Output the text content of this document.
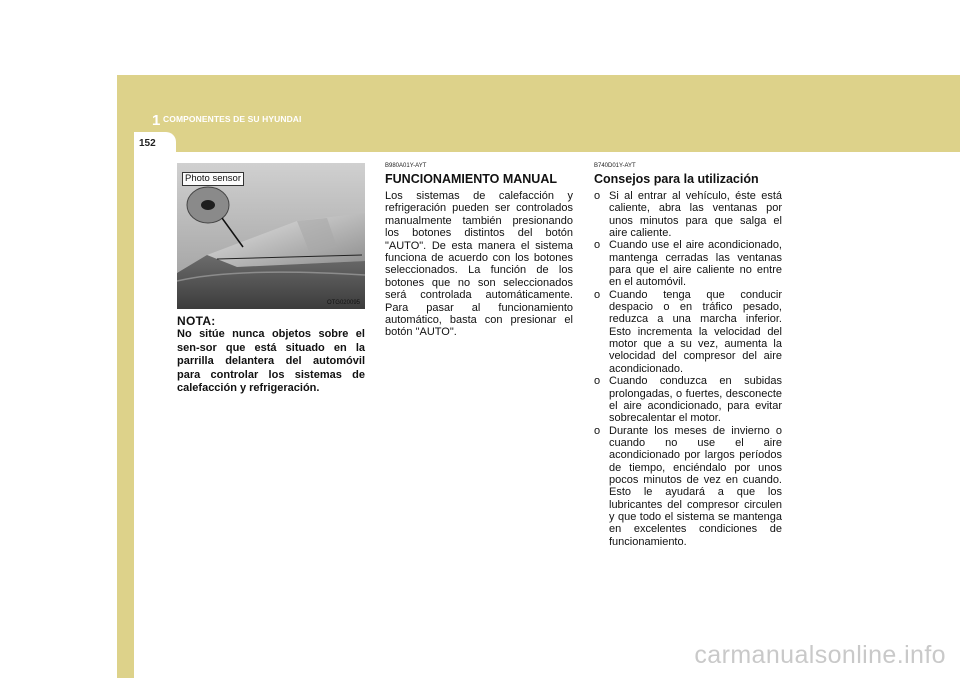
1 COMPONENTES DE SU HYUNDAI
152
Photo sensor
OTG020095
NOTA:
No sitúe nunca objetos sobre el sen-sor que está situado en la parrilla delantera del automóvil para controlar los sistemas de calefacción y refrigeración.
B980A01Y-AYT
FUNCIONAMIENTO MANUAL
Los sistemas de calefacción y refrigeración pueden ser controlados manualmente también presionando los botones distintos del botón "AUTO". De esta manera el sistema funciona de acuerdo con los botones seleccionados. La función de los botones que no son seleccionados será controlada automáticamente. Para pasar al funcionamiento automático, basta con presionar el botón "AUTO".
B740D01Y-AYT
Consejos para la utilización
o Si al entrar al vehículo, éste está caliente, abra las ventanas por unos minutos para que salga el aire caliente.
o Cuando use el aire acondicionado, mantenga cerradas las ventanas para que el aire caliente no entre en el automóvil.
o Cuando tenga que conducir despacio o en tráfico pesado, reduzca a una marcha inferior. Esto incrementa la velocidad del motor que a su vez, aumenta la velocidad del compresor del aire acondicionado.
o Cuando conduzca en subidas prolongadas, o fuertes, desconecte el aire acondicionado, para evitar sobrecalentar el motor.
o Durante los meses de invierno o cuando no use el aire acondicionado por largos períodos de tiempo, enciéndalo por unos pocos minutos de vez en cuando. Esto le ayudará a que los lubricantes del compresor circulen y que todo el sistema se mantenga en excelentes condiciones de funcionamiento.
carmanualsonline.info
